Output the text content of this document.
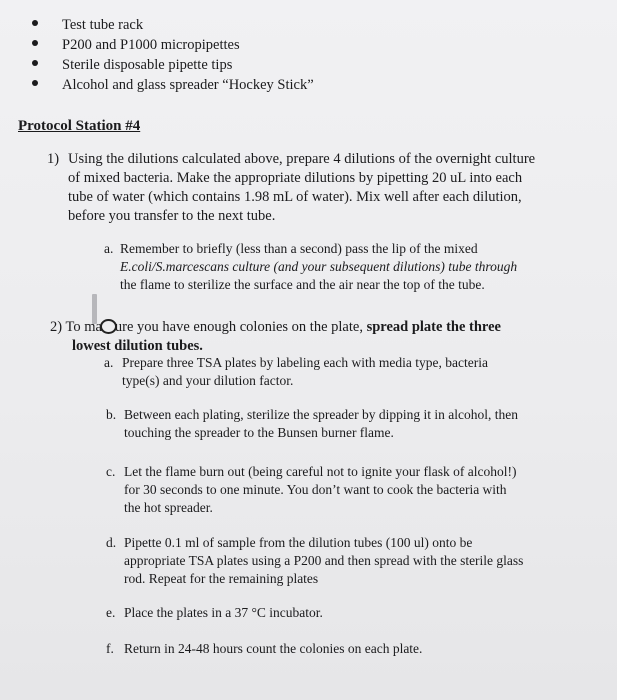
Test tube rack
P200 and P1000 micropipettes
Sterile disposable pipette tips
Alcohol and glass spreader “Hockey Stick”
Protocol Station #4
1) Using the dilutions calculated above, prepare 4 dilutions of the overnight culture
of mixed bacteria. Make the appropriate dilutions by pipetting 20 uL into each
tube of water (which contains 1.98 mL of water). Mix well after each dilution,
before you transfer to the next tube.
a. Remember to briefly (less than a second) pass the lip of the mixed
E.coli/S.marcescans culture (and your subsequent dilutions) tube through
the flame to sterilize the surface and the air near the top of the tube.
2) To ma ure you have enough colonies on the plate, spread plate the three
lowest dilution tubes.
a. Prepare three TSA plates by labeling each with media type, bacteria
type(s) and your dilution factor.
b. Between each plating, sterilize the spreader by dipping it in alcohol, then
touching the spreader to the Bunsen burner flame.
c. Let the flame burn out (being careful not to ignite your flask of alcohol!)
for 30 seconds to one minute. You don’t want to cook the bacteria with
the hot spreader.
d. Pipette 0.1 ml of sample from the dilution tubes (100 ul) onto be
appropriate TSA plates using a P200 and then spread with the sterile glass
rod. Repeat for the remaining plates
e. Place the plates in a 37 °C incubator.
f. Return in 24-48 hours count the colonies on each plate.
